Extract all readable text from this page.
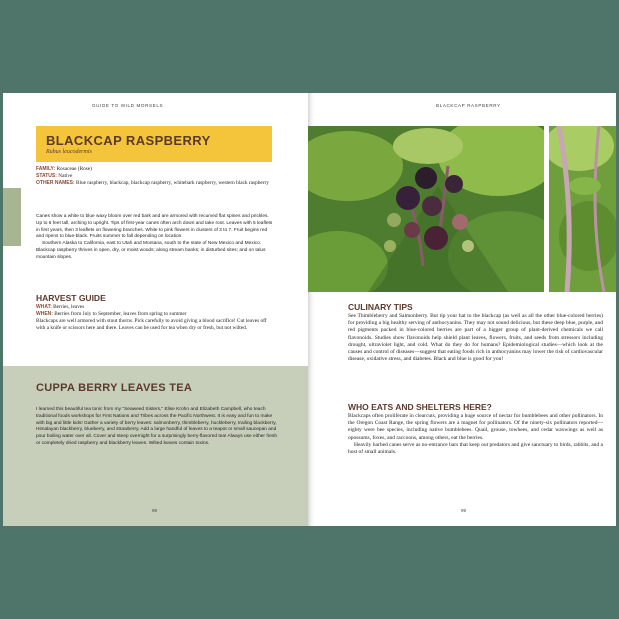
GUIDE TO WILD MORSELS
BLACKCAP RASPBERRY
Rubus leucodermis
FAMILY: Rosaceae (Rose)
STATUS: Native
OTHER NAMES: Blue raspberry, blackcap, blackcap raspberry, whitebark raspberry, western black raspberry

Canes show a white to blue waxy bloom over red bark and are armored with recurved flat spines and prickles. Up to 6 feet tall, arching to upright. Tips of first-year canes often arch down and take root. Leaves with 5 leaflets in first years, then 3 leaflets on flowering branches. White to pink flowers in clusters of 3 to 7. Fruit begins red and ripens to blue-black. Fruits summer to fall depending on location.

Southern Alaska to California, east to Utah and Montana, south to the state of New Mexico and Mexico. Blackcap raspberry thrives in open, dry, or moist woods; along stream banks; in disturbed sites; and on talus mountain slopes.

HARVEST GUIDE

WHAT: Berries, leaves

WHEN: Berries from July to September, leaves from spring to summer

Blackcaps are well armored with stout thorns. Pick carefully to avoid giving a blood sacrifice! Cut leaves off with a knife or scissors here and there. Leaves can be used for tea when dry or fresh, but not wilted.

CUPPA BERRY LEAVES TEA
I learned this beautiful tea tonic from my "Seaweed Sisters," Elise Krohn and Elizabeth Campbell, who teach traditional foods workshops for First Nations and Tribes across the Pacific Northwest. It is easy and fun to make with big and little kids! Gather a variety of berry leaves: salmonberry, thimbleberry, huckleberry, trailing blackberry, Himalayan blackberry, blueberry, and strawberry. Add a large handful of leaves to a teapot or small saucepan and pour boiling water over all. Cover and steep overnight for a surprisingly berry-flavored tea! Always use either fresh or completely dried raspberry and blackberry leaves. Wilted leaves contain toxins.
98
BLACKCAP RASPBERRY
CULINARY TIPS
See Thimbleberry and Salmonberry. But tip your hat to the blackcap (as well as all the other blue-colored berries) for providing a big healthy serving of anthocyanins. They may not sound delicious, but these deep blue, purple, and red pigments packed in blue-colored berries are part of a bigger group of plant-derived chemicals we call flavonoids. Studies show flavonoids help shield plant leaves, flowers, fruits, and seeds from stressors including drought, ultraviolet light, and cold. What do they do for humans? Epidemiological studies—which look at the causes and control of diseases—suggest that eating foods rich in anthocyanins may lower the risk of cardiovascular disease, oxidative stress, and diabetes. Black and blue is good for you!
WHO EATS AND SHELTERS HERE?

Blackcaps often proliferate in clearcuts, providing a huge source of nectar for bumblebees and other pollinators. In the Oregon Coast Range, the spring flowers are a magnet for pollinators. Of the ninety-six pollinators reported—eighty were bee species, including native bumblebees. Quail, grouse, towhees, and cedar waxwings as well as opossums, foxes, and raccoons, among others, eat the berries.

Heavily barbed canes serve as no-entrance bars that keep out predators and give sanctuary to birds, rabbits, and a host of small animals.

99
